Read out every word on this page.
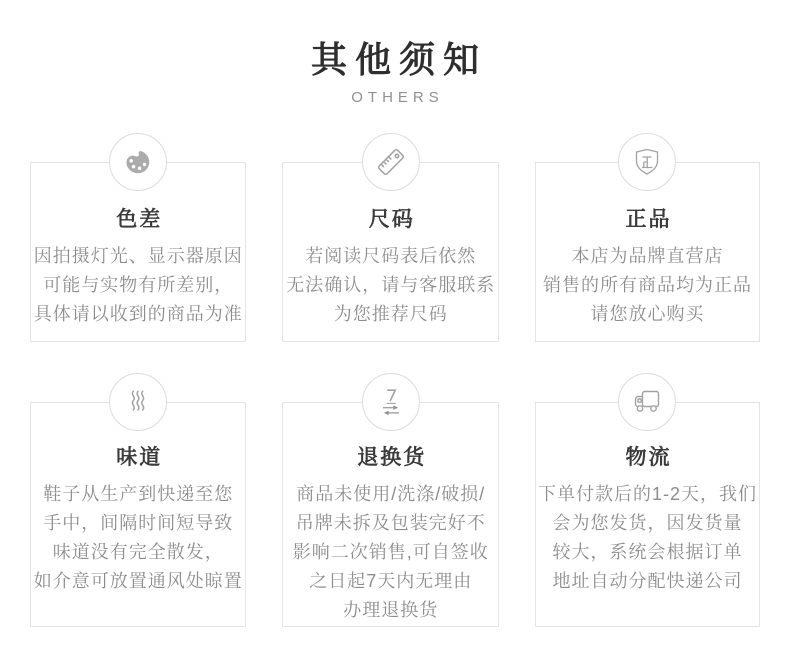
其他须知
OTHERS
色差

因拍摄灯光、显示器原因

可能与实物有所差别，

具体请以收到的商品为准

尺码

若阅读尺码表后依然

无法确认，请与客服联系

为您推荐尺码

正品

本店为品牌直营店

销售的所有商品均为正品

请您放心购买

味道

鞋子从生产到快递至您

手中，间隔时间短导致

味道没有完全散发，

如介意可放置通风处晾置

退换货

商品未使用/洗涤/破损/

吊牌未拆及包装完好不

影响二次销售,可自签收

之日起7天内无理由

办理退换货

物流

下单付款后的1-2天，我们

会为您发货，因发货量

较大，系统会根据订单

地址自动分配快递公司
